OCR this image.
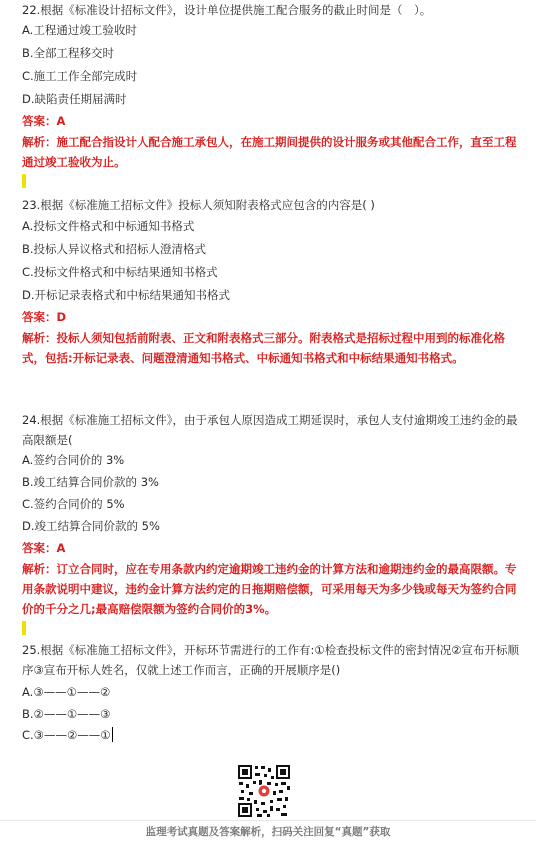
22.根据《标准设计招标文件》，设计单位提供施工配合服务的截止时间是（　）。
A.工程通过竣工验收时
B.全部工程移交时
C.施工工作全部完成时
D.缺陷责任期届满时
答案：A
解析：施工配合指设计人配合施工承包人，在施工期间提供的设计服务或其他配合工作，直至工程通过竣工验收为止。
23.根据《标准施工招标文件》投标人须知附表格式应包含的内容是( )
A.投标文件格式和中标通知书格式
B.投标人异议格式和招标人澄清格式
C.投标文件格式和中标结果通知书格式
D.开标记录表格式和中标结果通知书格式
答案：D
解析：投标人须知包括前附表、正文和附表格式三部分。附表格式是招标过程中用到的标准化格式，包括:开标记录表、问题澄清通知书格式、中标通知书格式和中标结果通知书格式。
24.根据《标准施工招标文件》，由于承包人原因造成工期延误时，承包人支付逾期竣工违约金的最高限额是(
A.签约合同价的 3%
B.竣工结算合同价款的 3%
C.签约合同价的 5%
D.竣工结算合同价款的 5%
答案：A
解析：订立合同时，应在专用条款内约定逾期竣工违约金的计算方法和逾期违约金的最高限额。专用条款说明中建议，违约金计算方法约定的日拖期赔偿额，可采用每天为多少钱或每天为签约合同价的千分之几;最高赔偿限额为签约合同价的3%。
25.根据《标准施工招标文件》，开标环节需进行的工作有:①检查投标文件的密封情况②宣布开标顺序③宣布开标人姓名，仅就上述工作而言，正确的开展顺序是()
A.③——①——②
B.②——①——③
C.③——②——①
监理考试真题及答案解析，扫码关注回复“真题”获取
